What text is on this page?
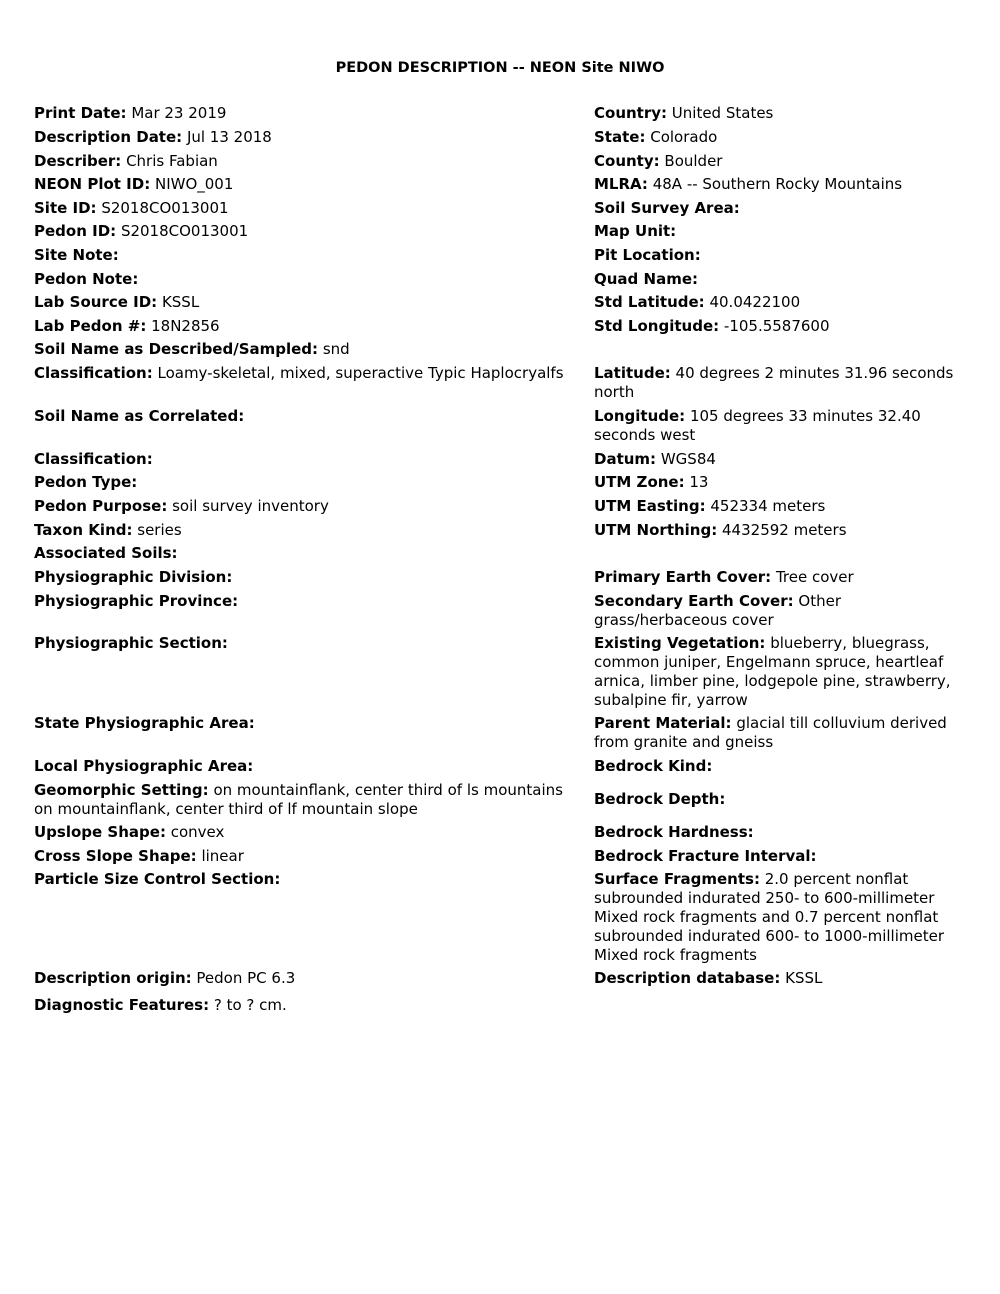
PEDON DESCRIPTION -- NEON Site NIWO
Print Date: Mar 23 2019
Description Date: Jul 13 2018
Describer: Chris Fabian
NEON Plot ID: NIWO_001
Site ID: S2018CO013001
Pedon ID: S2018CO013001
Site Note:
Pedon Note:
Lab Source ID: KSSL
Lab Pedon #: 18N2856
Soil Name as Described/Sampled: snd
Classification: Loamy-skeletal, mixed, superactive Typic Haplocryalfs
Soil Name as Correlated:
Classification:
Pedon Type:
Pedon Purpose: soil survey inventory
Taxon Kind: series
Associated Soils:
Physiographic Division:
Physiographic Province:
Physiographic Section:
State Physiographic Area:
Local Physiographic Area:
Geomorphic Setting: on mountainflank, center third of ls mountains on mountainflank, center third of lf mountain slope
Upslope Shape: convex
Cross Slope Shape: linear
Particle Size Control Section:
Description origin: Pedon PC 6.3
Diagnostic Features: ? to ? cm.
Country: United States
State: Colorado
County: Boulder
MLRA: 48A -- Southern Rocky Mountains
Soil Survey Area:
Map Unit:
Pit Location:
Quad Name:
Std Latitude: 40.0422100
Std Longitude: -105.5587600
Latitude: 40 degrees 2 minutes 31.96 seconds north
Longitude: 105 degrees 33 minutes 32.40 seconds west
Datum: WGS84
UTM Zone: 13
UTM Easting: 452334 meters
UTM Northing: 4432592 meters
Primary Earth Cover: Tree cover
Secondary Earth Cover: Other grass/herbaceous cover
Existing Vegetation: blueberry, bluegrass, common juniper, Engelmann spruce, heartleaf arnica, limber pine, lodgepole pine, strawberry, subalpine fir, yarrow
Parent Material: glacial till colluvium derived from granite and gneiss
Bedrock Kind:
Bedrock Depth:
Bedrock Hardness:
Bedrock Fracture Interval:
Surface Fragments: 2.0 percent nonflat subrounded indurated 250- to 600-millimeter Mixed rock fragments and 0.7 percent nonflat subrounded indurated 600- to 1000-millimeter Mixed rock fragments
Description database: KSSL
